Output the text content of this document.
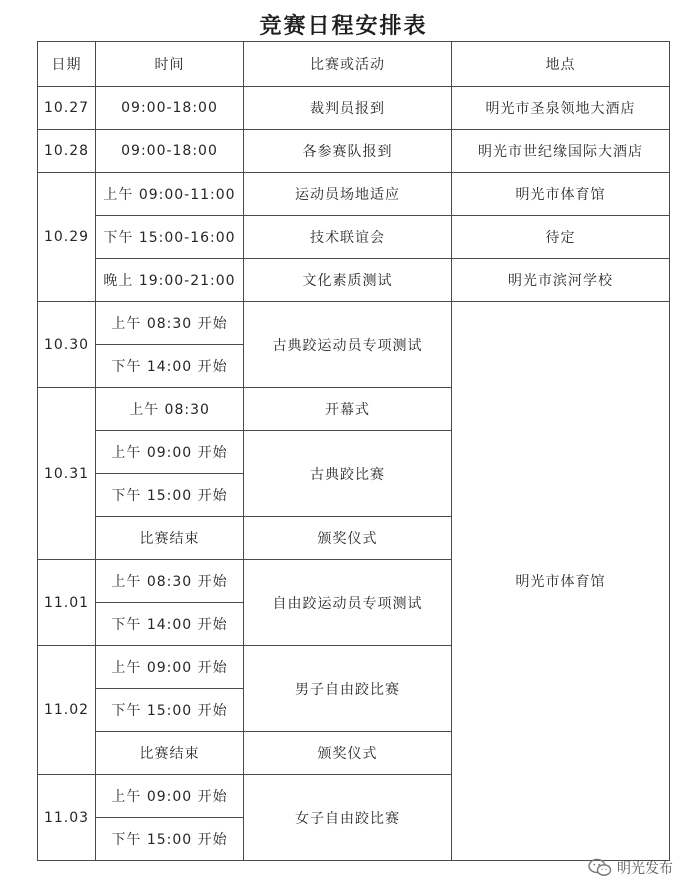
竞赛日程安排表
日期	时间	比赛或活动	地点
10.27	09:00-18:00	裁判员报到	明光市圣泉领地大酒店
10.28	09:00-18:00	各参赛队报到	明光市世纪缘国际大酒店
10.29	上午 09:00-11:00	运动员场地适应	明光市体育馆
	下午 15:00-16:00	技术联谊会	待定
	晚上 19:00-21:00	文化素质测试	明光市滨河学校
10.30	上午 08:30 开始	古典跤运动员专项测试	明光市体育馆
	下午 14:00 开始		
10.31	上午 08:30	开幕式	
	上午 09:00 开始	古典跤比赛	
	下午 15:00 开始		
	比赛结束	颁奖仪式	
11.01	上午 08:30 开始	自由跤运动员专项测试	
	下午 14:00 开始		
11.02	上午 09:00 开始	男子自由跤比赛	
	下午 15:00 开始		
	比赛结束	颁奖仪式	
11.03	上午 09:00 开始	女子自由跤比赛	
	下午 15:00 开始		
明光发布
